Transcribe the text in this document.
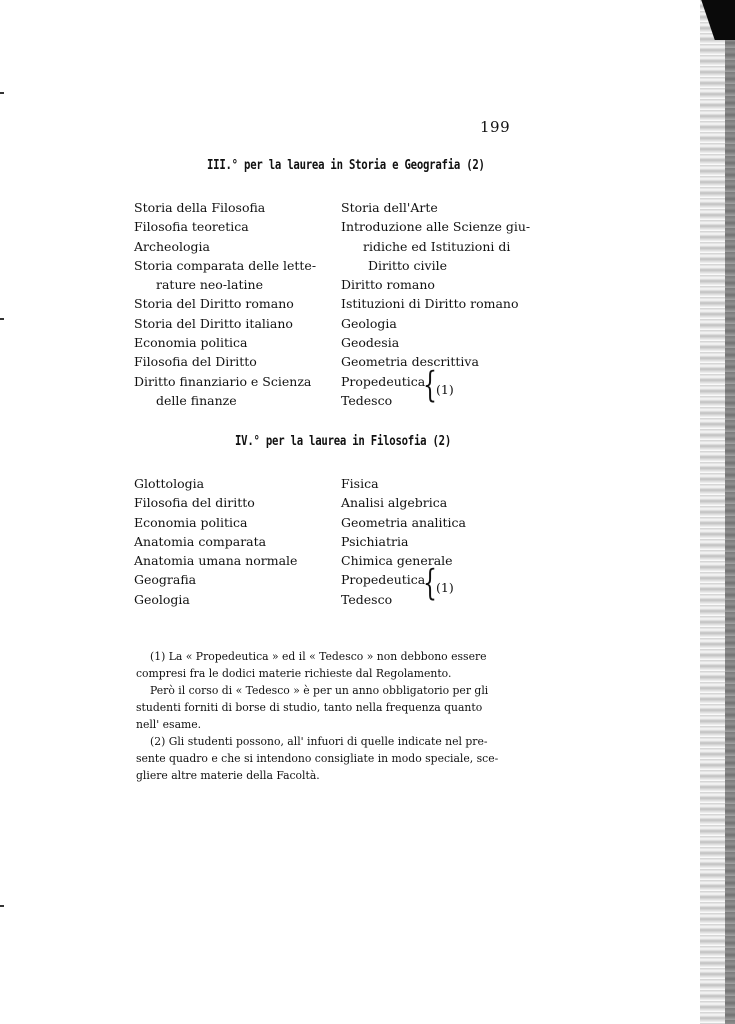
199
III.° per la laurea in Storia e Geografia (2)
Storia della Filosofia
Filosofia teoretica
Archeologia
Storia comparata delle lette-
rature neo-latine
Storia del Diritto romano
Storia del Diritto italiano
Economia politica
Filosofia del Diritto
Diritto finanziario e Scienza
delle finanze
Storia dell'Arte
Introduzione alle Scienze giu-
ridiche ed Istituzioni di
Diritto civile
Diritto romano
Istituzioni di Diritto romano
Geologia
Geodesia
Geometria descrittiva
Propedeutica
Tedesco	{ (1)
IV.° per la laurea in Filosofia (2)
Glottologia
Filosofia del diritto
Economia politica
Anatomia comparata
Anatomia umana normale
Geografia
Geologia
Fisica
Analisi algebrica
Geometria analitica
Psichiatria
Chimica generale
Propedeutica
Tedesco	{ (1)
(1) La « Propedeutica » ed il « Tedesco » non debbono essere
compresi fra le dodici materie richieste dal Regolamento.
Però il corso di « Tedesco » è per un anno obbligatorio per gli
studenti forniti di borse di studio, tanto nella frequenza quanto
nell' esame.
(2) Gli studenti possono, all' infuori di quelle indicate nel pre-
sente quadro e che si intendono consigliate in modo speciale, sce-
gliere altre materie della Facoltà.
